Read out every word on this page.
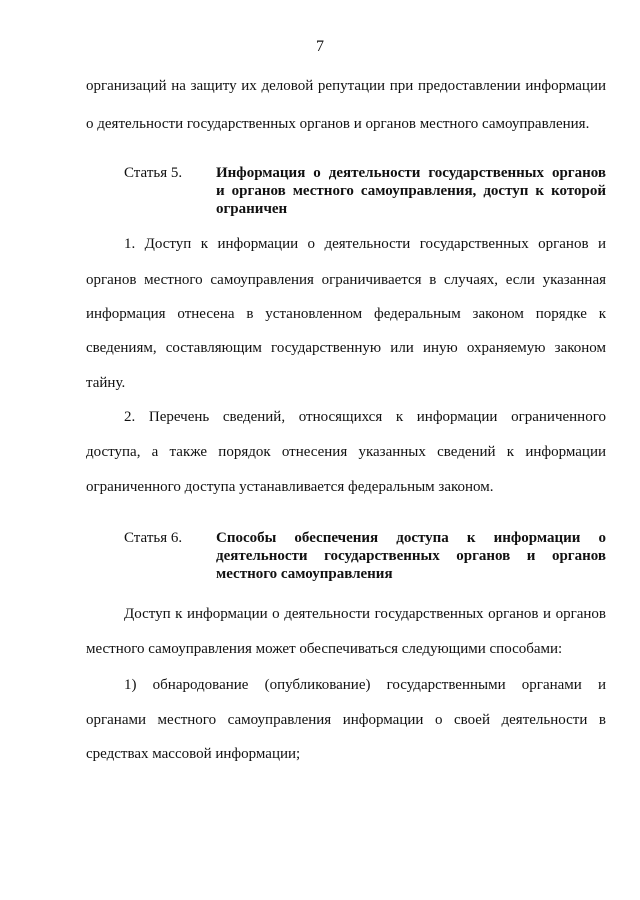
7
организаций на защиту их деловой репутации при предоставлении информации
о деятельности государственных органов и органов местного самоуправления.
Статья 5. Информация о деятельности государственных органов
и органов местного самоуправления, доступ к которой
ограничен
1. Доступ к информации о деятельности государственных органов и
органов местного самоуправления ограничивается в случаях, если указанная
информация отнесена в установленном федеральным законом порядке к
сведениям, составляющим государственную или иную охраняемую законом
тайну.
2. Перечень сведений, относящихся к информации ограниченного
доступа, а также порядок отнесения указанных сведений к информации
ограниченного доступа устанавливается федеральным законом.
Статья 6. Способы обеспечения доступа к информации о
деятельности государственных органов и органов
местного самоуправления
Доступ к информации о деятельности государственных органов и органов
местного самоуправления может обеспечиваться следующими способами:
1) обнародование (опубликование) государственными органами и
органами местного самоуправления информации о своей деятельности в
средствах массовой информации;
